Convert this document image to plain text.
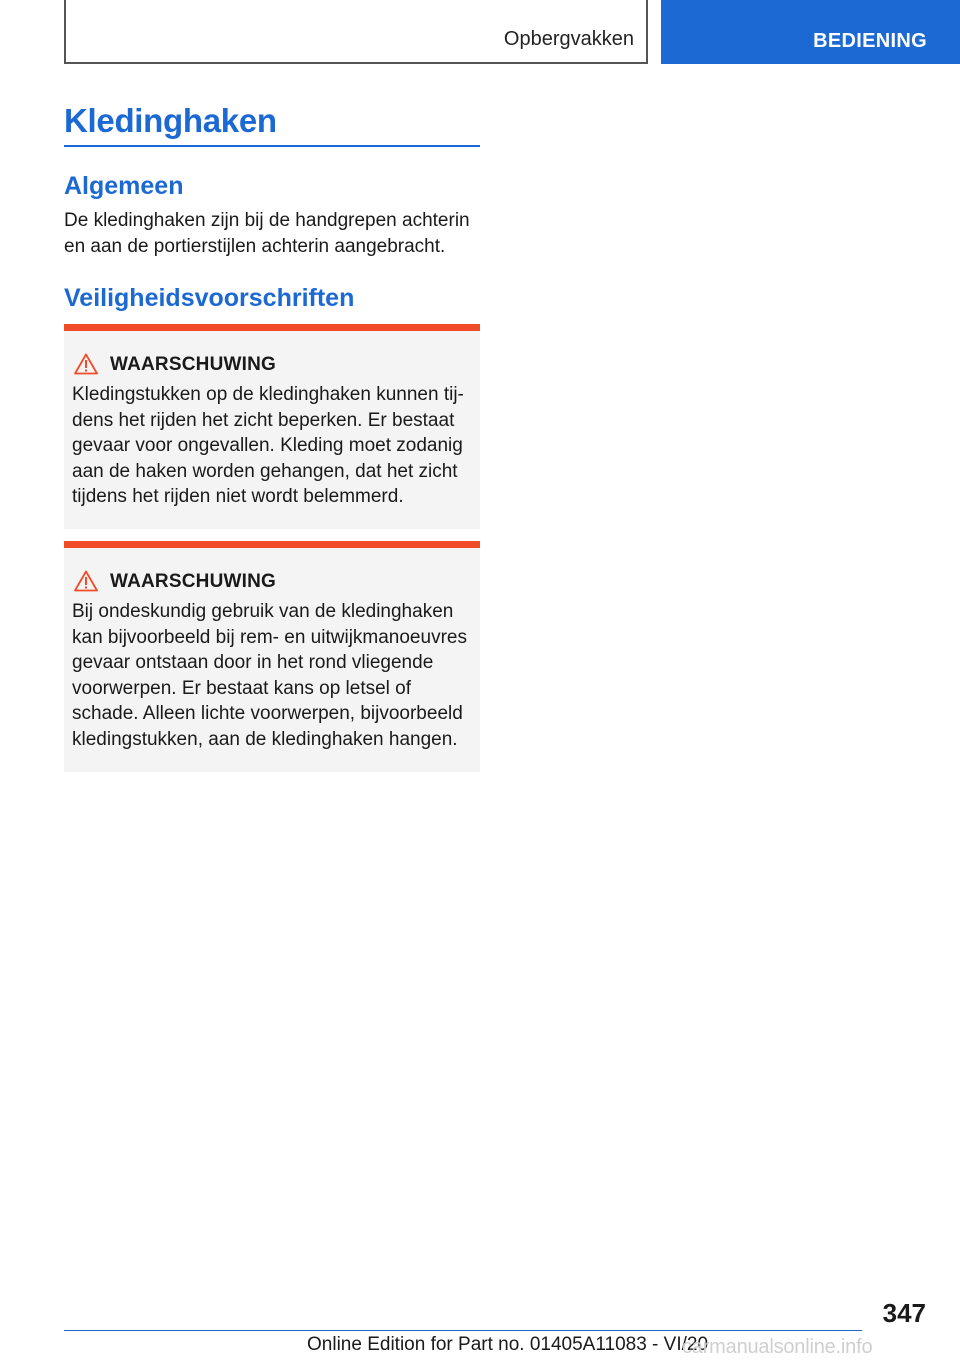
Opbergvakken	BEDIENING
Kledinghaken
Algemeen

De kledinghaken zijn bij de handgrepen achterin en aan de portierstijlen achterin aangebracht.

Veiligheidsvoorschriften
WAARSCHUWING

Kledingstukken op de kledinghaken kunnen tij-dens het rijden het zicht beperken. Er bestaat gevaar voor ongevallen. Kleding moet zodanig aan de haken worden gehangen, dat het zicht tijdens het rijden niet wordt belemmerd.

WAARSCHUWING

Bij ondeskundig gebruik van de kledinghaken kan bijvoorbeeld bij rem- en uitwijkmanoeuvres gevaar ontstaan door in het rond vliegende voorwerpen. Er bestaat kans op letsel of schade. Alleen lichte voorwerpen, bijvoorbeeld kledingstukken, aan de kledinghaken hangen.

347
Online Edition for Part no. 01405A11083 - VI/20
carmanualsonline.info
